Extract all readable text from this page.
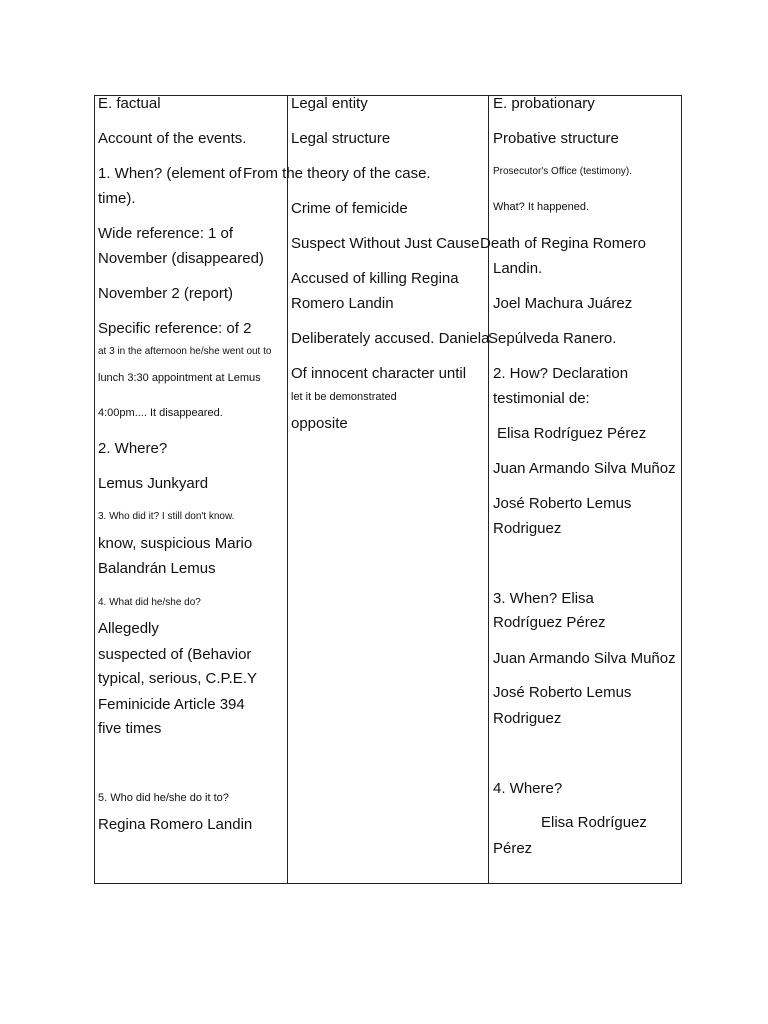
E. factual
Account of the events.
1. When? (element of
time).
Wide reference: 1 of
November (disappeared)
November 2 (report)
Specific reference: of 2
at 3 in the afternoon he/she went out to
lunch 3:30 appointment at Lemus
4:00pm.... It disappeared.
2. Where?
Lemus Junkyard
3. Who did it? I still don't know.
know, suspicious Mario
Balandrán Lemus
4. What did he/she do?
Allegedly
suspected of (Behavior
typical, serious, C.P.E.Y
Feminicide Article 394
five times
5. Who did he/she do it to?
Regina Romero Landin
Legal entity
Legal structure
From the theory of the case.
Crime of femicide
Suspect Without Just Cause
Accused of killing Regina
Romero Landin
Deliberately accused. Daniela
Of innocent character until
let it be demonstrated
opposite
E. probationary
Probative structure
Prosecutor's Office (testimony).
What? It happened.
Death of Regina Romero
Landin.
Joel Machura Juárez
Sepúlveda Ranero.
2. How? Declaration
testimonial de:
Elisa Rodríguez Pérez
Juan Armando Silva Muñoz
José Roberto Lemus
Rodriguez
3. When? Elisa
Rodríguez Pérez
Juan Armando Silva Muñoz
José Roberto Lemus
Rodriguez
4. Where?
Elisa Rodríguez
Pérez
